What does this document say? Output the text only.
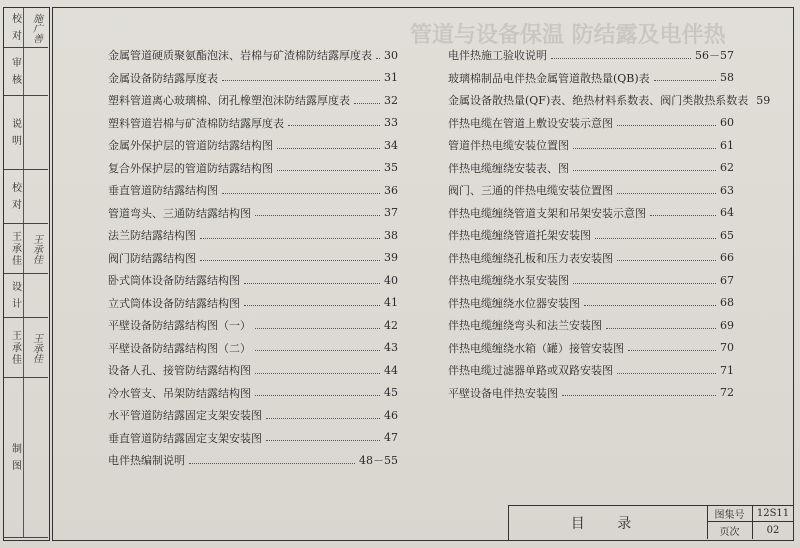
管道与设备保温 防结露及电伴热
校 对	施广善
审 核
说 明
校 对
王承佳	王承佳
设 计
王承佳	王承佳
制 图
金属管道硬质聚氨酯泡沫、岩棉与矿渣棉防结露厚度表 30
金属设备防结露厚度表	31
塑料管道离心玻璃棉、闭孔橡塑泡沫防结露厚度表	32
塑料管道岩棉与矿渣棉防结露厚度表	33
金属外保护层的管道防结露结构图	34
复合外保护层的管道防结露结构图	35
垂直管道防结露结构图	36
管道弯头、三通防结露结构图	37
法兰防结露结构图	38
阀门防结露结构图	39
卧式筒体设备防结露结构图	40
立式筒体设备防结露结构图	41
平壁设备防结露结构图（一）	42
平壁设备防结露结构图（二）	43
设备人孔、接管防结露结构图	44
冷水管支、吊架防结露结构图	45
水平管道防结露固定支架安装图	46
垂直管道防结露固定支架安装图	47
电伴热编制说明	48－55
电伴热施工验收说明	56－57
玻璃棉制品电伴热金属管道散热量(QB)表	58
金属设备散热量(QF)表、绝热材料系数表、阀门类散热系数表 59
伴热电缆在管道上敷设安装示意图	60
管道伴热电缆安装位置图	61
伴热电缆缠绕安装表、图	62
阀门、三通的伴热电缆安装位置图	63
伴热电缆缠绕管道支架和吊架安装示意图	64
伴热电缆缠绕管道托架安装图	65
伴热电缆缠绕孔板和压力表安装图	66
伴热电缆缠绕水泵安装图	67
伴热电缆缠绕水位器安装图	68
伴热电缆缠绕弯头和法兰安装图	69
伴热电缆缠绕水箱（罐）接管安装图	70
伴热电缆过滤器单路或双路安装图	71
平壁设备电伴热安装图	72
目 录	图集号	12S11
页次	02
